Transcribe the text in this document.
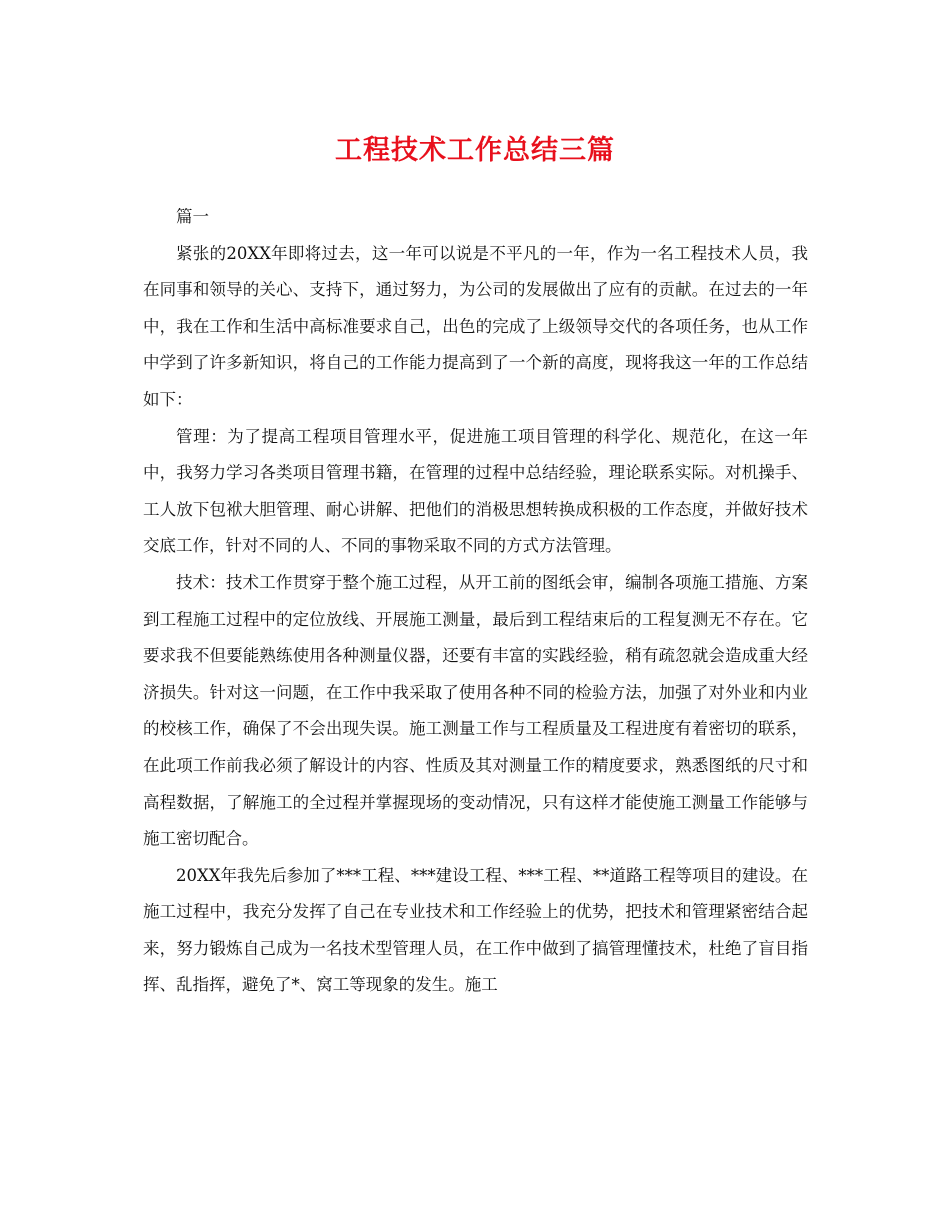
工程技术工作总结三篇

篇一

紧张的20XX年即将过去，这一年可以说是不平凡的一年，作为一名工程技术人员，我在同事和领导的关心、支持下，通过努力，为公司的发展做出了应有的贡献。在过去的一年中，我在工作和生活中高标准要求自己，出色的完成了上级领导交代的各项任务，也从工作中学到了许多新知识，将自己的工作能力提高到了一个新的高度，现将我这一年的工作总结如下：

管理：为了提高工程项目管理水平，促进施工项目管理的科学化、规范化，在这一年中，我努力学习各类项目管理书籍，在管理的过程中总结经验，理论联系实际。对机操手、工人放下包袱大胆管理、耐心讲解、把他们的消极思想转换成积极的工作态度，并做好技术交底工作，针对不同的人、不同的事物采取不同的方式方法管理。

技术：技术工作贯穿于整个施工过程，从开工前的图纸会审，编制各项施工措施、方案到工程施工过程中的定位放线、开展施工测量，最后到工程结束后的工程复测无不存在。它要求我不但要能熟练使用各种测量仪器，还要有丰富的实践经验，稍有疏忽就会造成重大经济损失。针对这一问题，在工作中我采取了使用各种不同的检验方法，加强了对外业和内业的校核工作，确保了不会出现失误。施工测量工作与工程质量及工程进度有着密切的联系，在此项工作前我必须了解设计的内容、性质及其对测量工作的精度要求，熟悉图纸的尺寸和高程数据，了解施工的全过程并掌握现场的变动情况，只有这样才能使施工测量工作能够与施工密切配合。

20XX年我先后参加了***工程、***建设工程、***工程、**道路工程等项目的建设。在施工过程中，我充分发挥了自己在专业技术和工作经验上的优势，把技术和管理紧密结合起来，努力锻炼自己成为一名技术型管理人员，在工作中做到了搞管理懂技术，杜绝了盲目指挥、乱指挥，避免了*、窝工等现象的发生。施工
